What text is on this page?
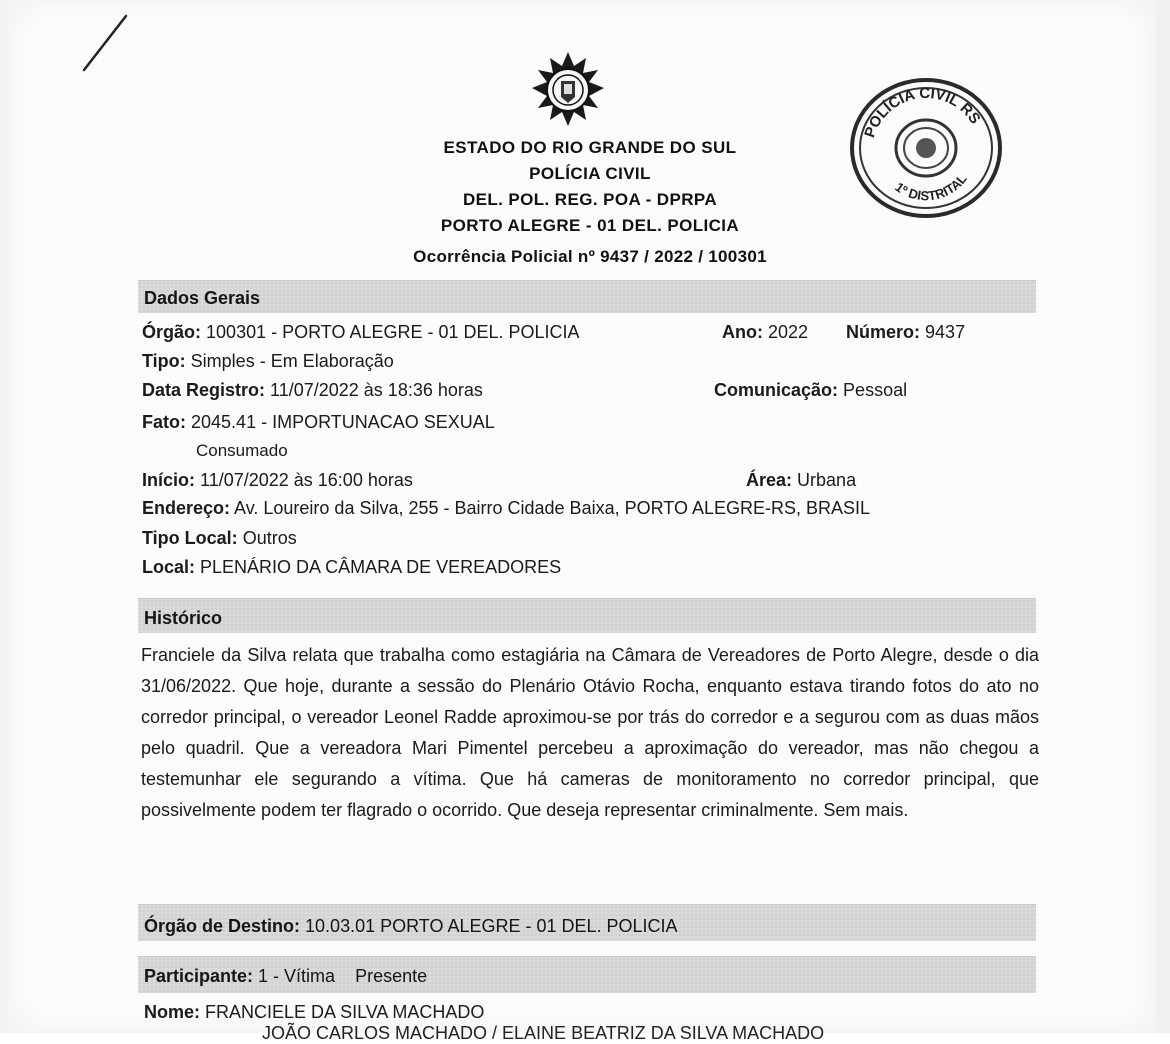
POLÍCIA CIVIL RS
1º DISTRITAL
ESTADO DO RIO GRANDE DO SUL
POLÍCIA CIVIL
DEL. POL. REG. POA - DPRPA
PORTO ALEGRE - 01 DEL. POLICIA
Ocorrência Policial nº 9437 / 2022 / 100301
Dados Gerais
Órgão: 100301 - PORTO ALEGRE - 01 DEL. POLICIA	Ano: 2022 Número: 9437
Tipo: Simples - Em Elaboração
Data Registro: 11/07/2022 às 18:36 horas	Comunicação: Pessoal
Fato: 2045.41 - IMPORTUNACAO SEXUAL
Consumado
Início: 11/07/2022 às 16:00 horas	Área: Urbana
Endereço: Av. Loureiro da Silva, 255 - Bairro Cidade Baixa, PORTO ALEGRE-RS, BRASIL
Tipo Local: Outros
Local: PLENÁRIO DA CÂMARA DE VEREADORES
Histórico
Franciele da Silva relata que trabalha como estagiária na Câmara de Vereadores de Porto Alegre, desde o dia 31/06/2022. Que hoje, durante a sessão do Plenário Otávio Rocha, enquanto estava tirando fotos do ato no corredor principal, o vereador Leonel Radde aproximou-se por trás do corredor e a segurou com as duas mãos pelo quadril. Que a vereadora Mari Pimentel percebeu a aproximação do vereador, mas não chegou a testemunhar ele segurando a vítima. Que há cameras de monitoramento no corredor principal, que possivelmente podem ter flagrado o ocorrido. Que deseja representar criminalmente. Sem mais.
Órgão de Destino: 10.03.01 PORTO ALEGRE - 01 DEL. POLICIA
Participante: 1 - Vítima    Presente
Nome: FRANCIELE DA SILVA MACHADO
JOÃO CARLOS MACHADO / ELAINE BEATRIZ DA SILVA MACHADO
